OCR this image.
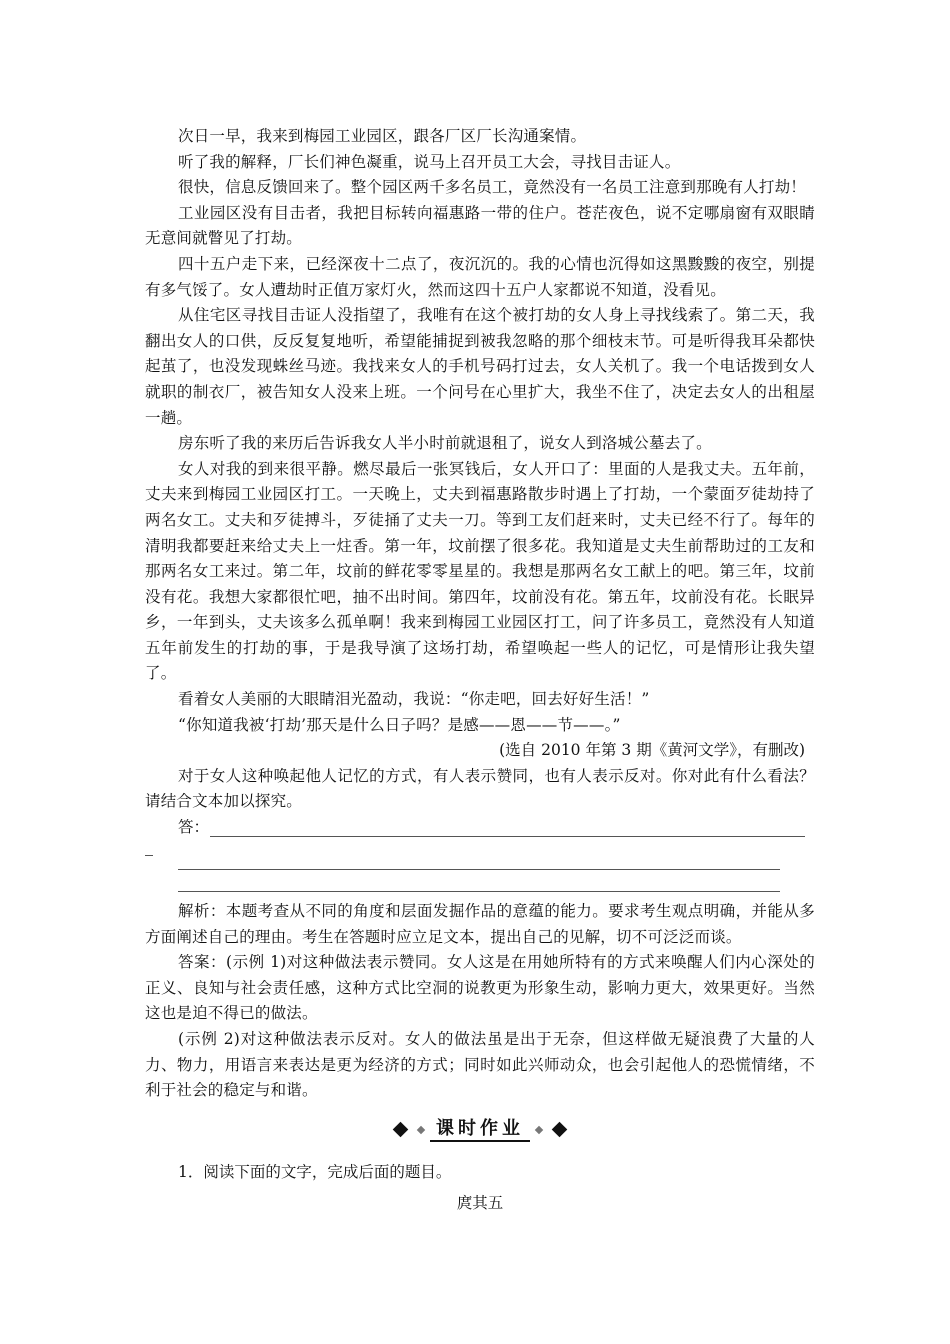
次日一早，我来到梅园工业园区，跟各厂区厂长沟通案情。

听了我的解释，厂长们神色凝重，说马上召开员工大会，寻找目击证人。

很快，信息反馈回来了。整个园区两千多名员工，竟然没有一名员工注意到那晚有人打劫！

工业园区没有目击者，我把目标转向福惠路一带的住户。苍茫夜色，说不定哪扇窗有双眼睛无意间就瞥见了打劫。

四十五户走下来，已经深夜十二点了，夜沉沉的。我的心情也沉得如这黑黢黢的夜空，别提有多气馁了。女人遭劫时正值万家灯火，然而这四十五户人家都说不知道，没看见。

从住宅区寻找目击证人没指望了，我唯有在这个被打劫的女人身上寻找线索了。第二天，我翻出女人的口供，反反复复地听，希望能捕捉到被我忽略的那个细枝末节。可是听得我耳朵都快起茧了，也没发现蛛丝马迹。我找来女人的手机号码打过去，女人关机了。我一个电话拨到女人就职的制衣厂，被告知女人没来上班。一个问号在心里扩大，我坐不住了，决定去女人的出租屋一趟。

房东听了我的来历后告诉我女人半小时前就退租了，说女人到洛城公墓去了。

女人对我的到来很平静。燃尽最后一张冥钱后，女人开口了：里面的人是我丈夫。五年前，丈夫来到梅园工业园区打工。一天晚上，丈夫到福惠路散步时遇上了打劫，一个蒙面歹徒劫持了两名女工。丈夫和歹徒搏斗，歹徒捅了丈夫一刀。等到工友们赶来时，丈夫已经不行了。每年的清明我都要赶来给丈夫上一炷香。第一年，坟前摆了很多花。我知道是丈夫生前帮助过的工友和那两名女工来过。第二年，坟前的鲜花零零星星的。我想是那两名女工献上的吧。第三年，坟前没有花。我想大家都很忙吧，抽不出时间。第四年，坟前没有花。第五年，坟前没有花。长眠异乡，一年到头，丈夫该多么孤单啊！我来到梅园工业园区打工，问了许多员工，竟然没有人知道五年前发生的打劫的事，于是我导演了这场打劫，希望唤起一些人的记忆，可是情形让我失望了。

看着女人美丽的大眼睛泪光盈动，我说：“你走吧，回去好好生活！”

“你知道我被‘打劫’那天是什么日子吗？是感——恩——节——。”

(选自 2010 年第 3 期《黄河文学》，有删改)

对于女人这种唤起他人记忆的方式，有人表示赞同，也有人表示反对。你对此有什么看法？请结合文本加以探究。

答：

解析：本题考查从不同的角度和层面发掘作品的意蕴的能力。要求考生观点明确，并能从多方面阐述自己的理由。考生在答题时应立足文本，提出自己的见解，切不可泛泛而谈。

答案：(示例 1)对这种做法表示赞同。女人这是在用她所特有的方式来唤醒人们内心深处的正义、良知与社会责任感，这种方式比空洞的说教更为形象生动，影响力更大，效果更好。当然这也是迫不得已的做法。

(示例 2)对这种做法表示反对。女人的做法虽是出于无奈，但这样做无疑浪费了大量的人力、物力，用语言来表达是更为经济的方式；同时如此兴师动众，也会引起他人的恐慌情绪，不利于社会的稳定与和谐。

课时作业

1．阅读下面的文字，完成后面的题目。

庹其五
